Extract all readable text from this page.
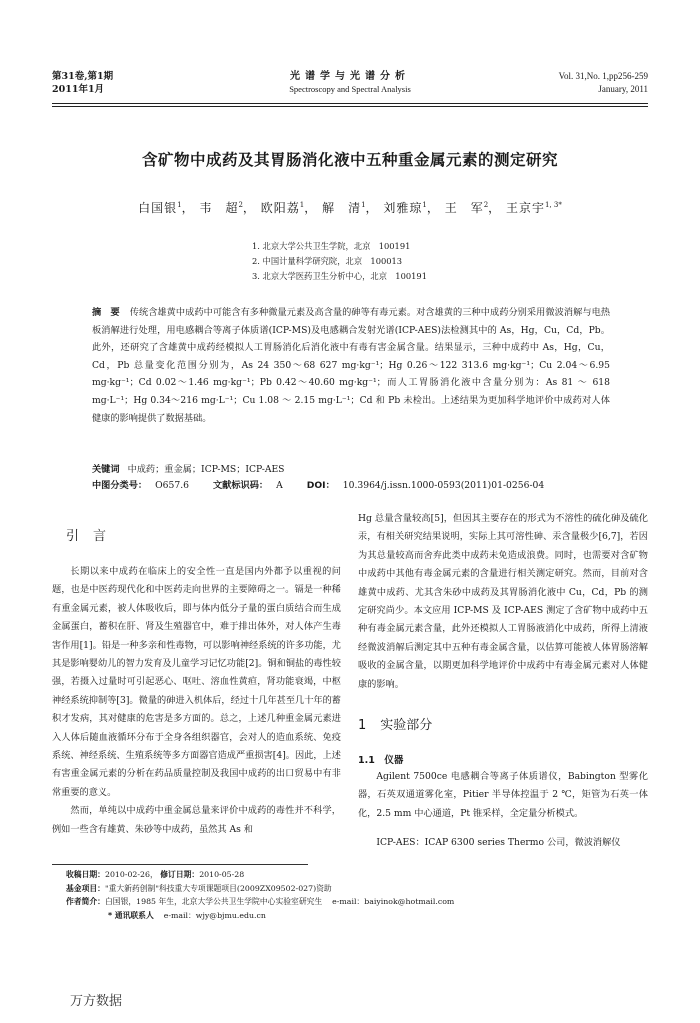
第31卷,第1期
2011年1月
光谱学与光谱分析
Spectroscopy and Spectral Analysis
Vol. 31,No. 1,pp256-259
January, 2011
含矿物中成药及其胃肠消化液中五种重金属元素的测定研究
白国银$^1$， 韦　超$^2$， 欧阳荔$^1$， 解　清$^1$， 刘雅琼$^1$， 王　军$^2$， 王京宇$^{1, 3*}$
1. 北京大学公共卫生学院，北京　100191
2. 中国计量科学研究院，北京　100013
3. 北京大学医药卫生分析中心，北京　100191
摘　要 传统含雄黄中成药中可能含有多种微量元素及高含量的砷等有毒元素。对含雄黄的三种中成药分别采用微波消解与电热板消解进行处理，用电感耦合等离子体质谱(ICP-MS)及电感耦合发射光谱(ICP-AES)法检测其中的 As，Hg，Cu，Cd，Pb。此外，还研究了含雄黄中成药经模拟人工胃肠消化后消化液中有毒有害金属含量。结果显示，三种中成药中 As，Hg，Cu，Cd，Pb 总量变化范围分别为，As 24 350～68 627 mg·kg⁻¹；Hg 0.26～122 313.6 mg·kg⁻¹；Cu 2.04～6.95 mg·kg⁻¹；Cd 0.02～1.46 mg·kg⁻¹；Pb 0.42～40.60 mg·kg⁻¹；而人工胃肠消化液中含量分别为：As 81 ～ 618 mg·L⁻¹；Hg 0.34～216 mg·L⁻¹；Cu 1.08 ～ 2.15 mg·L⁻¹；Cd 和 Pb 未检出。上述结果为更加科学地评价中成药对人体健康的影响提供了数据基础。
关键词 中成药；重金属；ICP-MS；ICP-AES
中图分类号： O657.6	文献标识码： A	DOI： 10.3964/j.issn.1000-0593(2011)01-0256-04
引言

长期以来中成药在临床上的安全性一直是国内外都予以重视的问题，也是中医药现代化和中医药走向世界的主要障碍之一。镉是一种稀有重金属元素，被人体吸收后，即与体内低分子量的蛋白质结合而生成金属蛋白，蓄积在肝、肾及生殖器官中，难于排出体外，对人体产生毒害作用[1]。铅是一种多亲和性毒物，可以影响神经系统的许多功能，尤其是影响婴幼儿的智力发育及儿童学习记忆功能[2]。铜和铜盐的毒性较强，若摄入过量时可引起恶心、呕吐、溶血性黄疸，肾功能衰竭，中枢神经系统抑制等[3]。微量的砷进入机体后，经过十几年甚至几十年的蓄积才发病，其对健康的危害是多方面的。总之，上述几种重金属元素进入人体后随血液循环分布于全身各组织器官，会对人的造血系统、免疫系统、神经系统、生殖系统等多方面器官造成严重损害[4]。因此，上述有害重金属元素的分析在药品质量控制及我国中成药的出口贸易中有非常重要的意义。

然而，单纯以中成药中重金属总量来评价中成药的毒性并不科学，例如一些含有雄黄、朱砂等中成药，虽然其 As 和

Hg 总量含量较高[5]，但因其主要存在的形式为不溶性的硫化砷及硫化汞，有相关研究结果说明，实际上其可溶性砷、汞含量极少[6,7]，若因为其总量较高而舍弃此类中成药未免造成浪费。同时，也需要对含矿物中成药中其他有毒金属元素的含量进行相关测定研究。然而，目前对含雄黄中成药、尤其含朱砂中成药及其胃肠消化液中 Cu，Cd，Pb 的测定研究尚少。本文应用 ICP-MS 及 ICP-AES 测定了含矿物中成药中五种有毒金属元素含量，此外还模拟人工胃肠液消化中成药，所得上清液经微波消解后测定其中五种有毒金属含量，以估算可能被人体胃肠溶解吸收的金属含量，以期更加科学地评价中成药中有毒金属元素对人体健康的影响。

1 实验部分
1.1　仪器

Agilent 7500ce 电感耦合等离子体质谱仪，Babington 型雾化器，石英双通道雾化室，Pitier 半导体控温于 2 ℃，矩管为石英一体化，2.5 mm 中心通道，Pt 锥采样，全定量分析模式。

ICP-AES：ICAP 6300 series Thermo 公司，微波消解仪

收稿日期：2010-02-26， 修订日期：2010-05-28
基金项目："重大新药创制"科技重大专项课题项目(2009ZX09502-027)资助
作者简介：白国银，1985 年生，北京大学公共卫生学院中心实验室研究生 e-mail：baiyinok@hotmail.com
* 通讯联系人 e-mail：wjy@bjmu.edu.cn
万方数据
